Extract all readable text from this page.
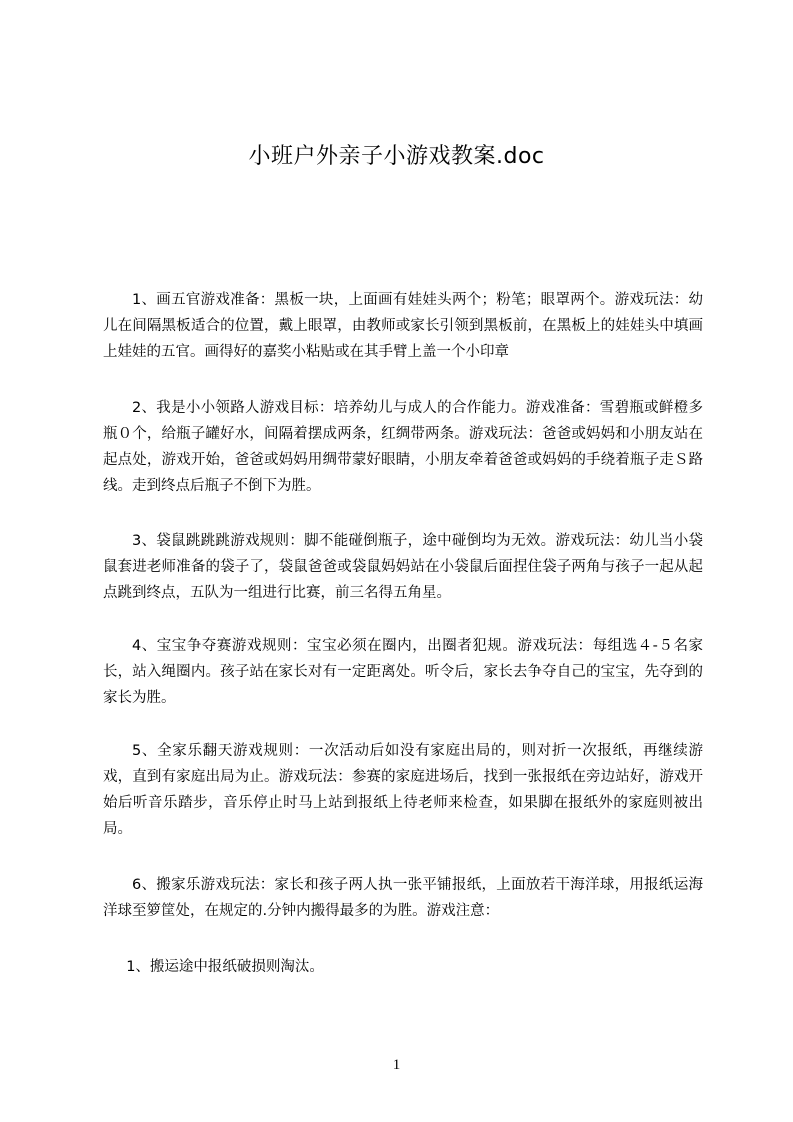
小班户外亲子小游戏教案.doc

1、画五官游戏准备：黑板一块，上面画有娃娃头两个；粉笔；眼罩两个。游戏玩法：幼儿在间隔黑板适合的位置，戴上眼罩，由教师或家长引领到黑板前，在黑板上的娃娃头中填画上娃娃的五官。画得好的嘉奖小粘贴或在其手臂上盖一个小印章

2、我是小小领路人游戏目标：培养幼儿与成人的合作能力。游戏准备：雪碧瓶或鲜橙多瓶０个，给瓶子罐好水，间隔着摆成两条，红绸带两条。游戏玩法：爸爸或妈妈和小朋友站在起点处，游戏开始，爸爸或妈妈用绸带蒙好眼睛，小朋友牵着爸爸或妈妈的手绕着瓶子走Ｓ路线。走到终点后瓶子不倒下为胜。

3、袋鼠跳跳跳游戏规则：脚不能碰倒瓶子，途中碰倒均为无效。游戏玩法：幼儿当小袋鼠套进老师准备的袋子了，袋鼠爸爸或袋鼠妈妈站在小袋鼠后面捏住袋子两角与孩子一起从起点跳到终点，五队为一组进行比赛，前三名得五角星。

4、宝宝争夺赛游戏规则：宝宝必须在圈内，出圈者犯规。游戏玩法：每组选４-５名家长，站入绳圈内。孩子站在家长对有一定距离处。听令后，家长去争夺自己的宝宝，先夺到的家长为胜。

5、全家乐翻天游戏规则：一次活动后如没有家庭出局的，则对折一次报纸，再继续游戏，直到有家庭出局为止。游戏玩法：参赛的家庭进场后，找到一张报纸在旁边站好，游戏开始后听音乐踏步，音乐停止时马上站到报纸上待老师来检查，如果脚在报纸外的家庭则被出局。

6、搬家乐游戏玩法：家长和孩子两人执一张平铺报纸，上面放若干海洋球，用报纸运海洋球至箩筐处，在规定的.分钟内搬得最多的为胜。游戏注意：

1、搬运途中报纸破损则淘汰。

1
